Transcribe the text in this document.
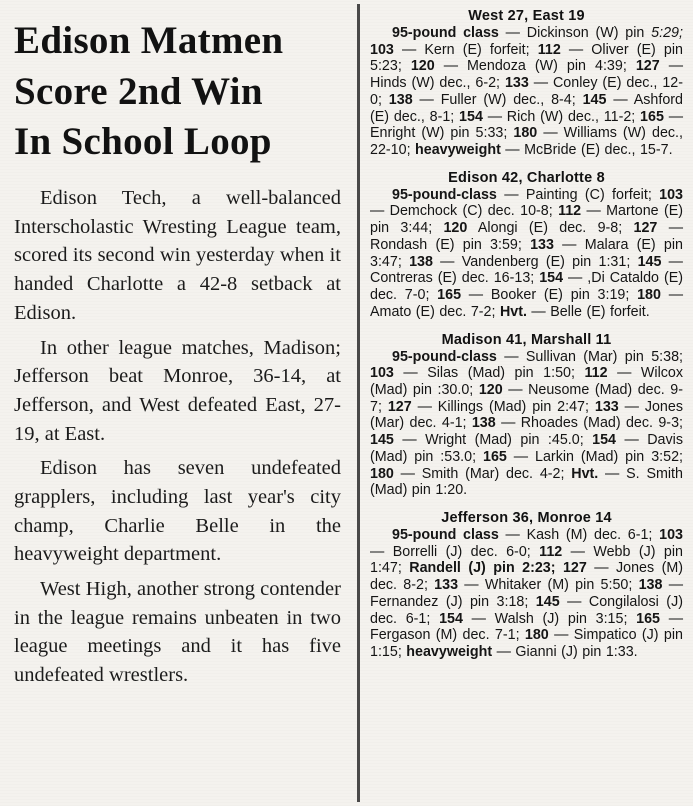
Edison Matmen
Score 2nd Win
In School Loop

Edison Tech, a well-balanced Interscholastic Wresting League team, scored its second win yesterday when it handed Charlotte a 42-8 setback at Edison.

In other league matches, Madison; Jefferson beat Monroe, 36-14, at Jefferson, and West defeated East, 27-19, at East.

Edison has seven undefeated grapplers, including last year's city champ, Charlie Belle in the heavyweight department.

West High, another strong contender in the league remains unbeaten in two league meetings and it has five undefeated wrestlers.

West 27, East 19
95-pound class — Dickinson (W) pin 5:29; 103 — Kern (E) forfeit; 112 — Oliver (E) pin 5:23; 120 — Mendoza (W) pin 4:39; 127 — Hinds (W) dec., 6-2; 133 — Conley (E) dec., 12-0; 138 — Fuller (W) dec., 8-4; 145 — Ashford (E) dec., 8-1; 154 — Rich (W) dec., 11-2; 165 — Enright (W) pin 5:33; 180 — Williams (W) dec., 22-10; heavyweight — McBride (E) dec., 15-7.
Edison 42, Charlotte 8
95-pound-class — Painting (C) forfeit; 103 — Demchock (C) dec. 10-8; 112 — Martone (E) pin 3:44; 120 Alongi (E) dec. 9-8; 127 — Rondash (E) pin 3:59; 133 — Malara (E) pin 3:47; 138 — Vandenberg (E) pin 1:31; 145 — Contreras (E) dec. 16-13; 154 — ,Di Cataldo (E) dec. 7-0; 165 — Booker (E) pin 3:19; 180 — Amato (E) dec. 7-2; Hvt. — Belle (E) forfeit.
Madison 41, Marshall 11
95-pound-class — Sullivan (Mar) pin 5:38; 103 — Silas (Mad) pin 1:50; 112 — Wilcox (Mad) pin :30.0; 120 — Neusome (Mad) dec. 9-7; 127 — Killings (Mad) pin 2:47; 133 — Jones (Mar) dec. 4-1; 138 — Rhoades (Mad) dec. 9-3; 145 — Wright (Mad) pin :45.0; 154 — Davis (Mad) pin :53.0; 165 — Larkin (Mad) pin 3:52; 180 — Smith (Mar) dec. 4-2; Hvt. — S. Smith (Mad) pin 1:20.
Jefferson 36, Monroe 14
95-pound class — Kash (M) dec. 6-1; 103 — Borrelli (J) dec. 6-0; 112 — Webb (J) pin 1:47; Randell (J) pin 2:23; 127 — Jones (M) dec. 8-2; 133 — Whitaker (M) pin 5:50; 138 — Fernandez (J) pin 3:18; 145 — Congilalosi (J) dec. 6-1; 154 — Walsh (J) pin 3:15; 165 — Fergason (M) dec. 7-1; 180 — Simpatico (J) pin 1:15; heavyweight — Gianni (J) pin 1:33.
